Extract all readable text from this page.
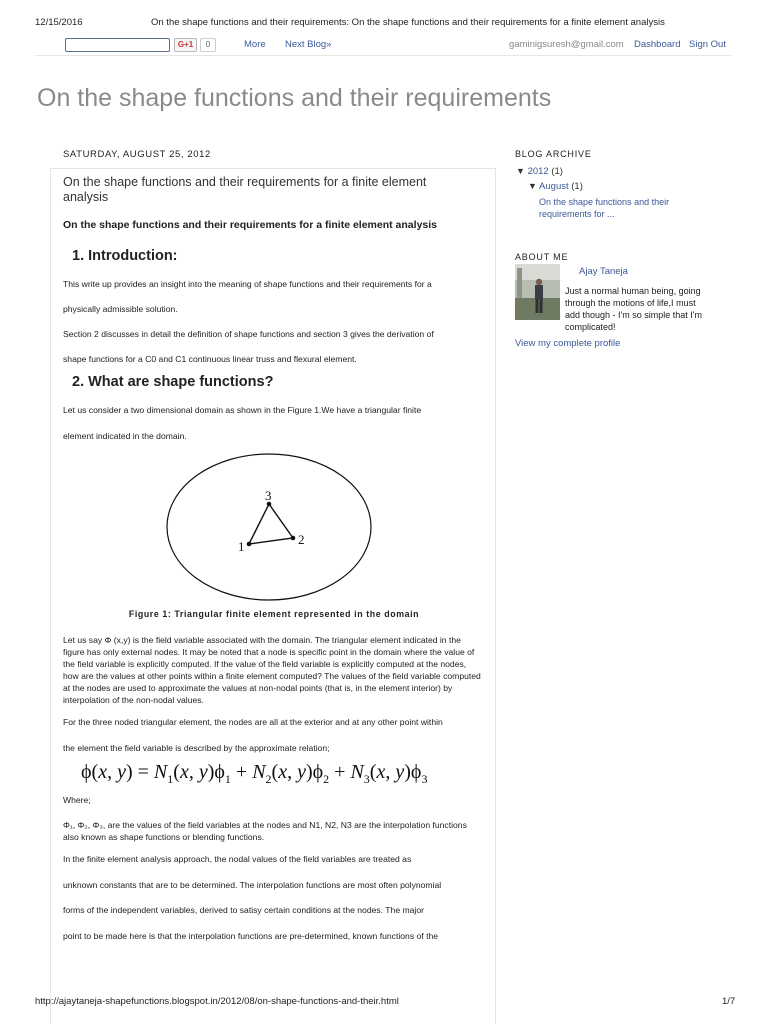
12/15/2016	On the shape functions and their requirements: On the shape functions and their requirements for a finite element analysis
G+1	0	More Next Blog»	gaminigsuresh@gmail.com Dashboard Sign Out
On the shape functions and their requirements
SATURDAY, AUGUST 25, 2012
On the shape functions and their requirements for a finite element analysis
On the shape functions and their requirements for a finite element analysis
1. Introduction:
This write up provides an insight into the meaning of shape functions and their requirements for a
physically admissible solution.
Section 2 discusses in detail the definition of shape functions and section 3 gives the derivation of
shape functions for a C0 and C1 continuous linear truss and flexural element.
2. What are shape functions?
Let us consider a two dimensional domain as shown in the Figure 1.We have a triangular finite
element indicated in the domain.
1	2
3
Figure 1: Triangular finite element represented in the domain
Let us say Φ (x,y) is the field variable associated with the domain. The triangular element indicated in the figure has only external nodes. It may be noted that a node is specific point in the domain where the value of the field variable is explicitly computed. If the value of the field variable is explicitly computed at the nodes, how are the values at other points within a finite element computed? The values of the field variable computed at the nodes are used to approximate the values at non-nodal points (that is, in the element interior) by interpolation of the non-nodal values.
For the three noded triangular element, the nodes are all at the exterior and at any other point within
the element the field variable is described by the approximate relation;
ϕ(x, $y) = N_1(x$, $y)\phi_1 + N_2(x$, $y)\phi_2 + N_3(x$, $y)\phi_3$
Where;
Φ₁, Φ₂, Φ₃, are the values of the field variables at the nodes and N1, N2, N3 are the interpolation functions also known as shape functions or blending functions.
In the finite element analysis approach, the nodal values of the field variables are treated as
unknown constants that are to be determined. The interpolation functions are most often polynomial
forms of the independent variables, derived to satisy certain conditions at the nodes. The major
point to be made here is that the interpolation functions are pre-determined, known functions of the
BLOG ARCHIVE
▼ 2012 (1)
▼ August (1)
On the shape functions and their requirements for ...
ABOUT ME
Ajay Taneja
Just a normal human being, going through the motions of life,I must add though - I'm so simple that I'm complicated!
View my complete profile
http://ajaytaneja-shapefunctions.blogspot.in/2012/08/on-shape-functions-and-their.html	1/7
